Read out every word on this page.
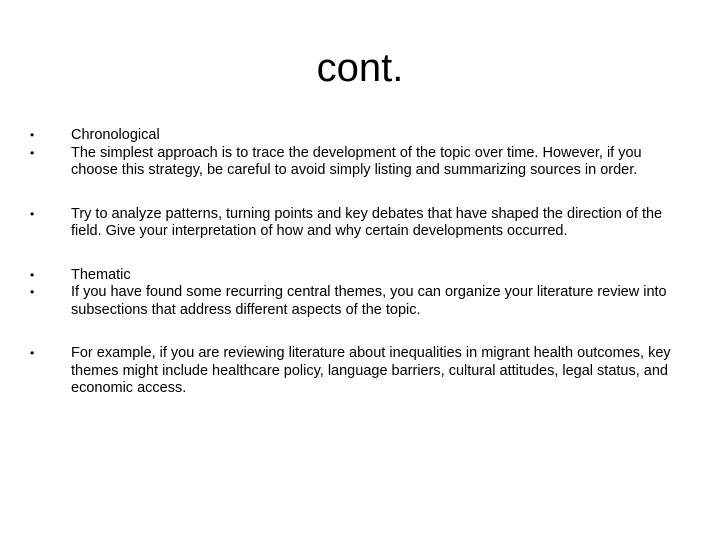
cont.
•	Chronological
•	The simplest approach is to trace the development of the topic over time. However, if you choose this strategy, be careful to avoid simply listing and summarizing sources in order.
•	Try to analyze patterns, turning points and key debates that have shaped the direction of the field. Give your interpretation of how and why certain developments occurred.
•	Thematic
•	If you have found some recurring central themes, you can organize your literature review into subsections that address different aspects of the topic.
•	For example, if you are reviewing literature about inequalities in migrant health outcomes, key themes might include healthcare policy, language barriers, cultural attitudes, legal status, and economic access.
